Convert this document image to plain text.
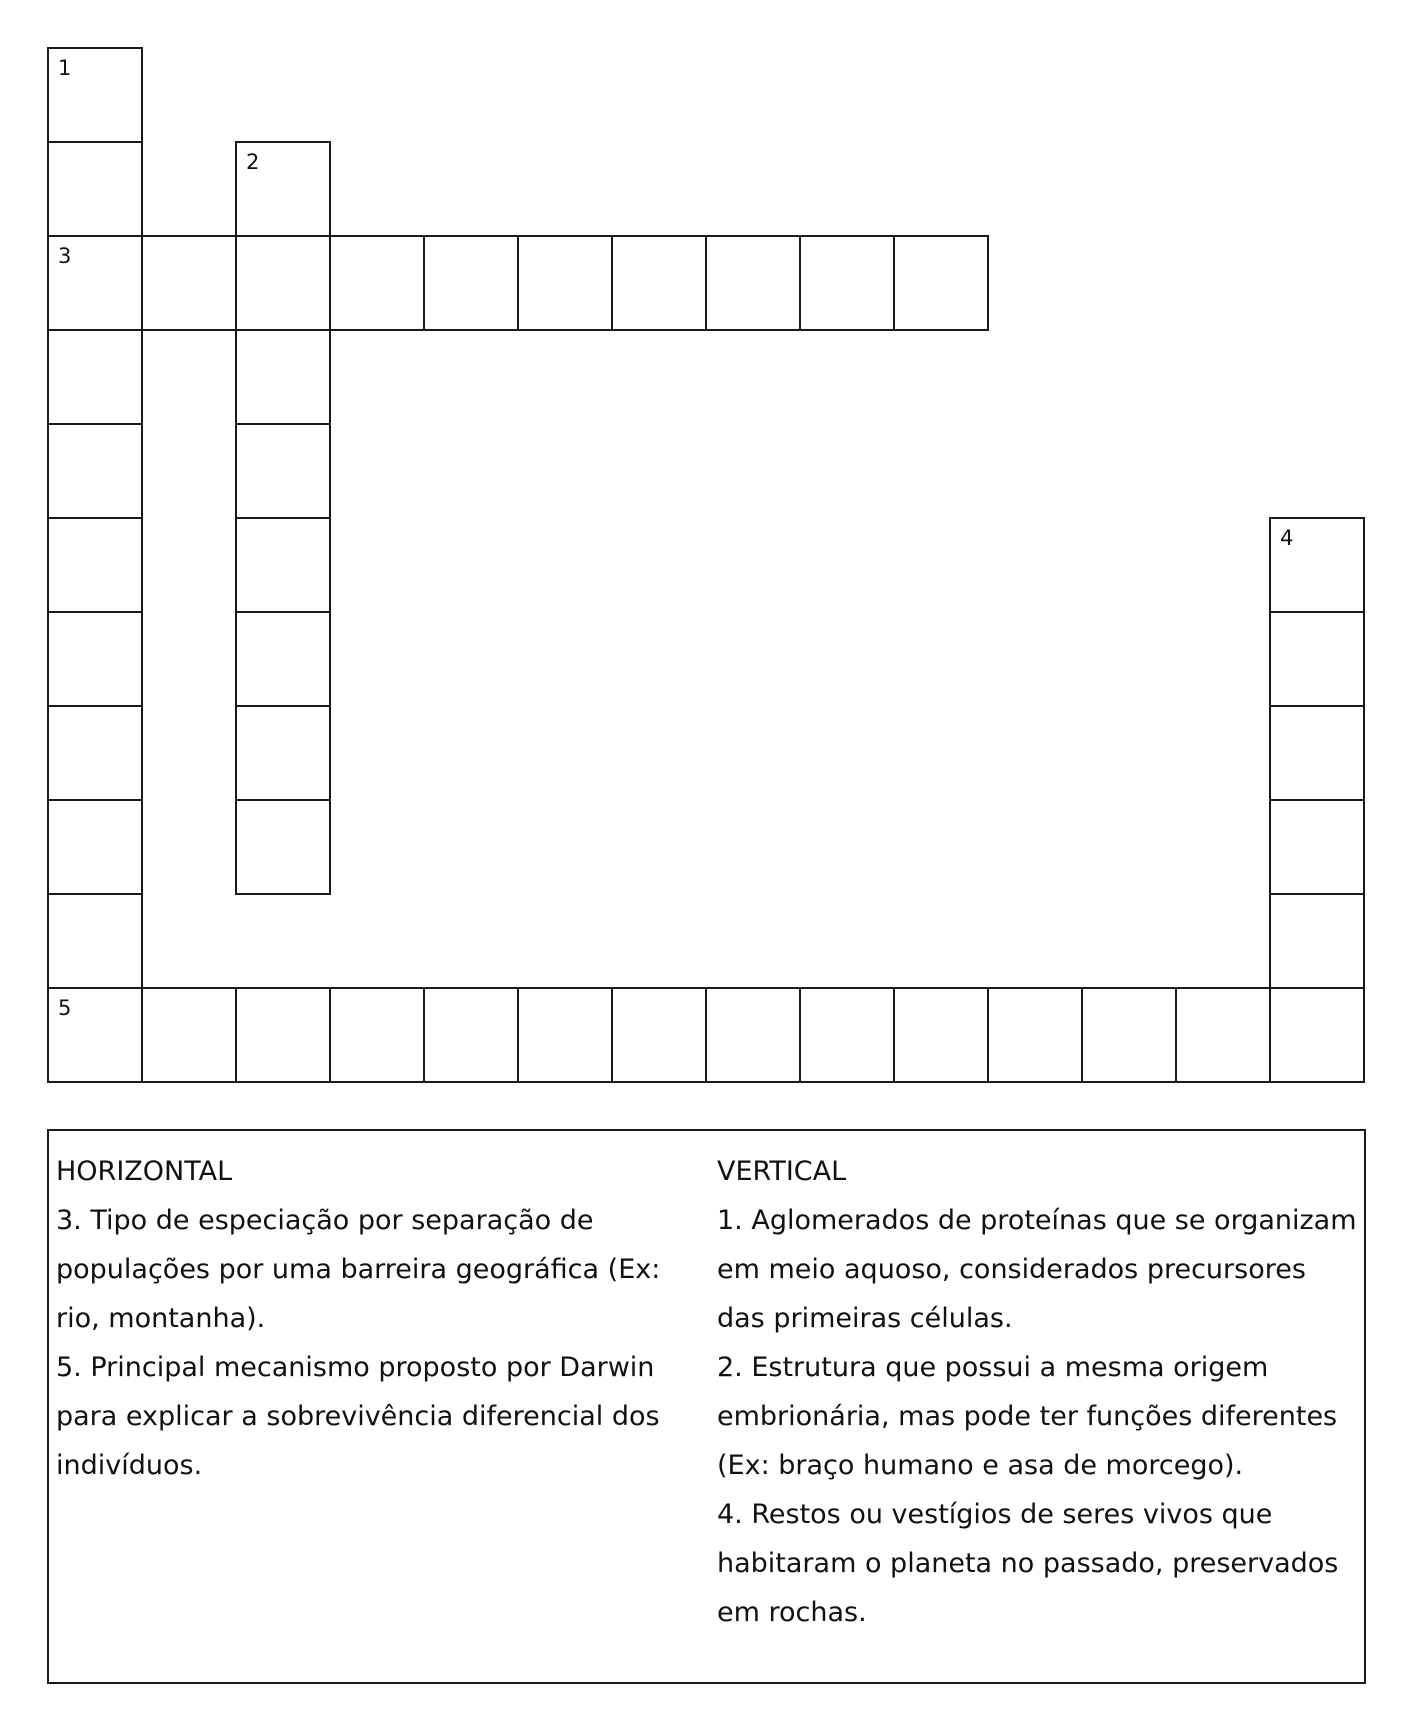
1
3
5
2
4
HORIZONTAL
3. Tipo de especiação por separação de populações por uma barreira geográfica (Ex: rio, montanha).
5. Principal mecanismo proposto por Darwin para explicar a sobrevivência diferencial dos indivíduos.
VERTICAL
1. Aglomerados de proteínas que se organizam em meio aquoso, considerados precursores das primeiras células.
2. Estrutura que possui a mesma origem embrionária, mas pode ter funções diferentes (Ex: braço humano e asa de morcego).
4. Restos ou vestígios de seres vivos que habitaram o planeta no passado, preservados em rochas.
